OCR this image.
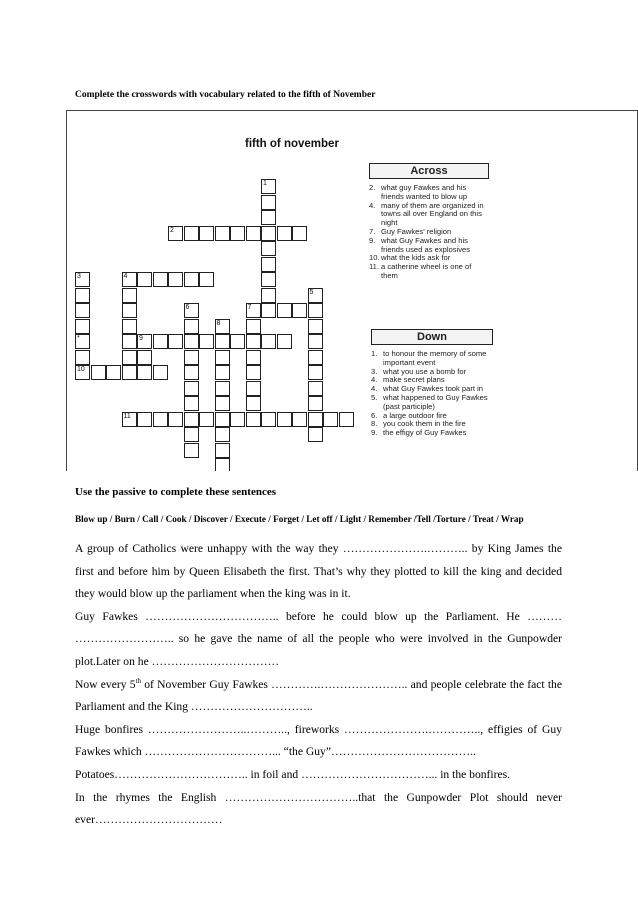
Complete the crosswords with vocabulary related to the fifth of November
fifth of november
1
2
3	4
5
6	7
8
*	9
10
11
Across
2. what guy Fawkes and his friends wanted to blow up
4. many of them are organized in towns all over England on this night
7. Guy Fawkes' religion
9. what Guy Fawkes and his friends used as explosives
10. what the kids ask for
11. a catherine wheel is one of them
Down
1. to honour the memory of some important event
3. what you use a bomb for
4. make secret plans
4. what Guy Fawkes took part in
5. what happened to Guy Fawkes (past participle)
6. a large outdoor fire
8. you cook them in the fire
9. the effigy of Guy Fawkes
Use the passive to complete these sentences
Blow up / Burn / Call / Cook / Discover / Execute / Forget / Let off / Light / Remember /Tell /Torture / Treat / Wrap

A group of Catholics were unhappy with the way they ………………….……….. by King James the first and before him by Queen Elisabeth the first. That’s why they plotted to kill the king and decided they would blow up the parliament when the king was in it.

Guy Fawkes …………………………….. before he could blow up the Parliament. He ……… …………………….. so he gave the name of all the people who were involved in the Gunpowder plot.Later on he ……………………………

Now every 5th of November Guy Fawkes ………….………………….. and people celebrate the fact the Parliament and the King …………………………..

Huge bonfires ……………………..……….., fireworks ………………….………….., effigies of Guy Fawkes which ……………………………... “the Guy”………………………………..

Potatoes…………………………….. in foil and ……………………………... in the bonfires.

In the rhymes the English ……………………………..that the Gunpowder Plot should never ever……………………………
